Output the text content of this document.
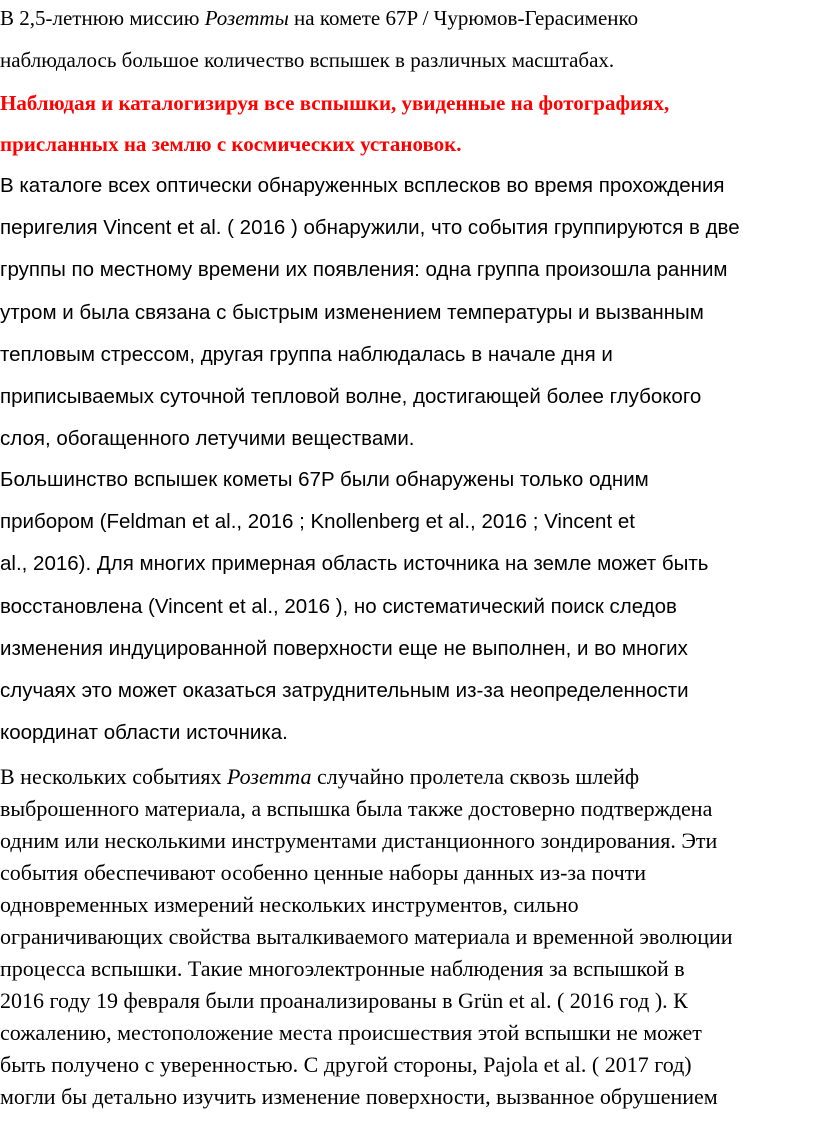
В 2,5-летнюю миссию Розетты на комете 67P / Чурюмов-Герасименко

наблюдалось большое количество вспышек в различных масштабах.

Наблюдая и каталогизируя все вспышки, увиденные на фотографиях,

присланных на землю с космических установок.

В каталоге всех оптически обнаруженных всплесков во время прохождения

перигелия Vincent et al. ( 2016 ) обнаружили, что события группируются в две

группы по местному времени их появления: одна группа произошла ранним

утром и была связана с быстрым изменением температуры и вызванным

тепловым стрессом, другая группа наблюдалась в начале дня и

приписываемых суточной тепловой волне, достигающей более глубокого

слоя, обогащенного летучими веществами.

Большинство вспышек кометы 67P были обнаружены только одним

прибором (Feldman et al., 2016 ; Knollenberg et al., 2016 ; Vincent et

al., 2016). Для многих примерная область источника на земле может быть

восстановлена (Vincent et al., 2016 ), но систематический поиск следов

изменения индуцированной поверхности еще не выполнен, и во многих

случаях это может оказаться затруднительным из-за неопределенности

координат области источника.

В нескольких событиях Розетта случайно пролетела сквозь шлейф

выброшенного материала, а вспышка была также достоверно подтверждена

одним или несколькими инструментами дистанционного зондирования. Эти

события обеспечивают особенно ценные наборы данных из-за почти

одновременных измерений нескольких инструментов, сильно

ограничивающих свойства выталкиваемого материала и временной эволюции

процесса вспышки. Такие многоэлектронные наблюдения за вспышкой в

2016 году 19 февраля были проанализированы в Grün et al. ( 2016 год ). К

сожалению, местоположение места происшествия этой вспышки не может

быть получено с уверенностью. С другой стороны, Pajola et al. ( 2017 год)

могли бы детально изучить изменение поверхности, вызванное обрушением
